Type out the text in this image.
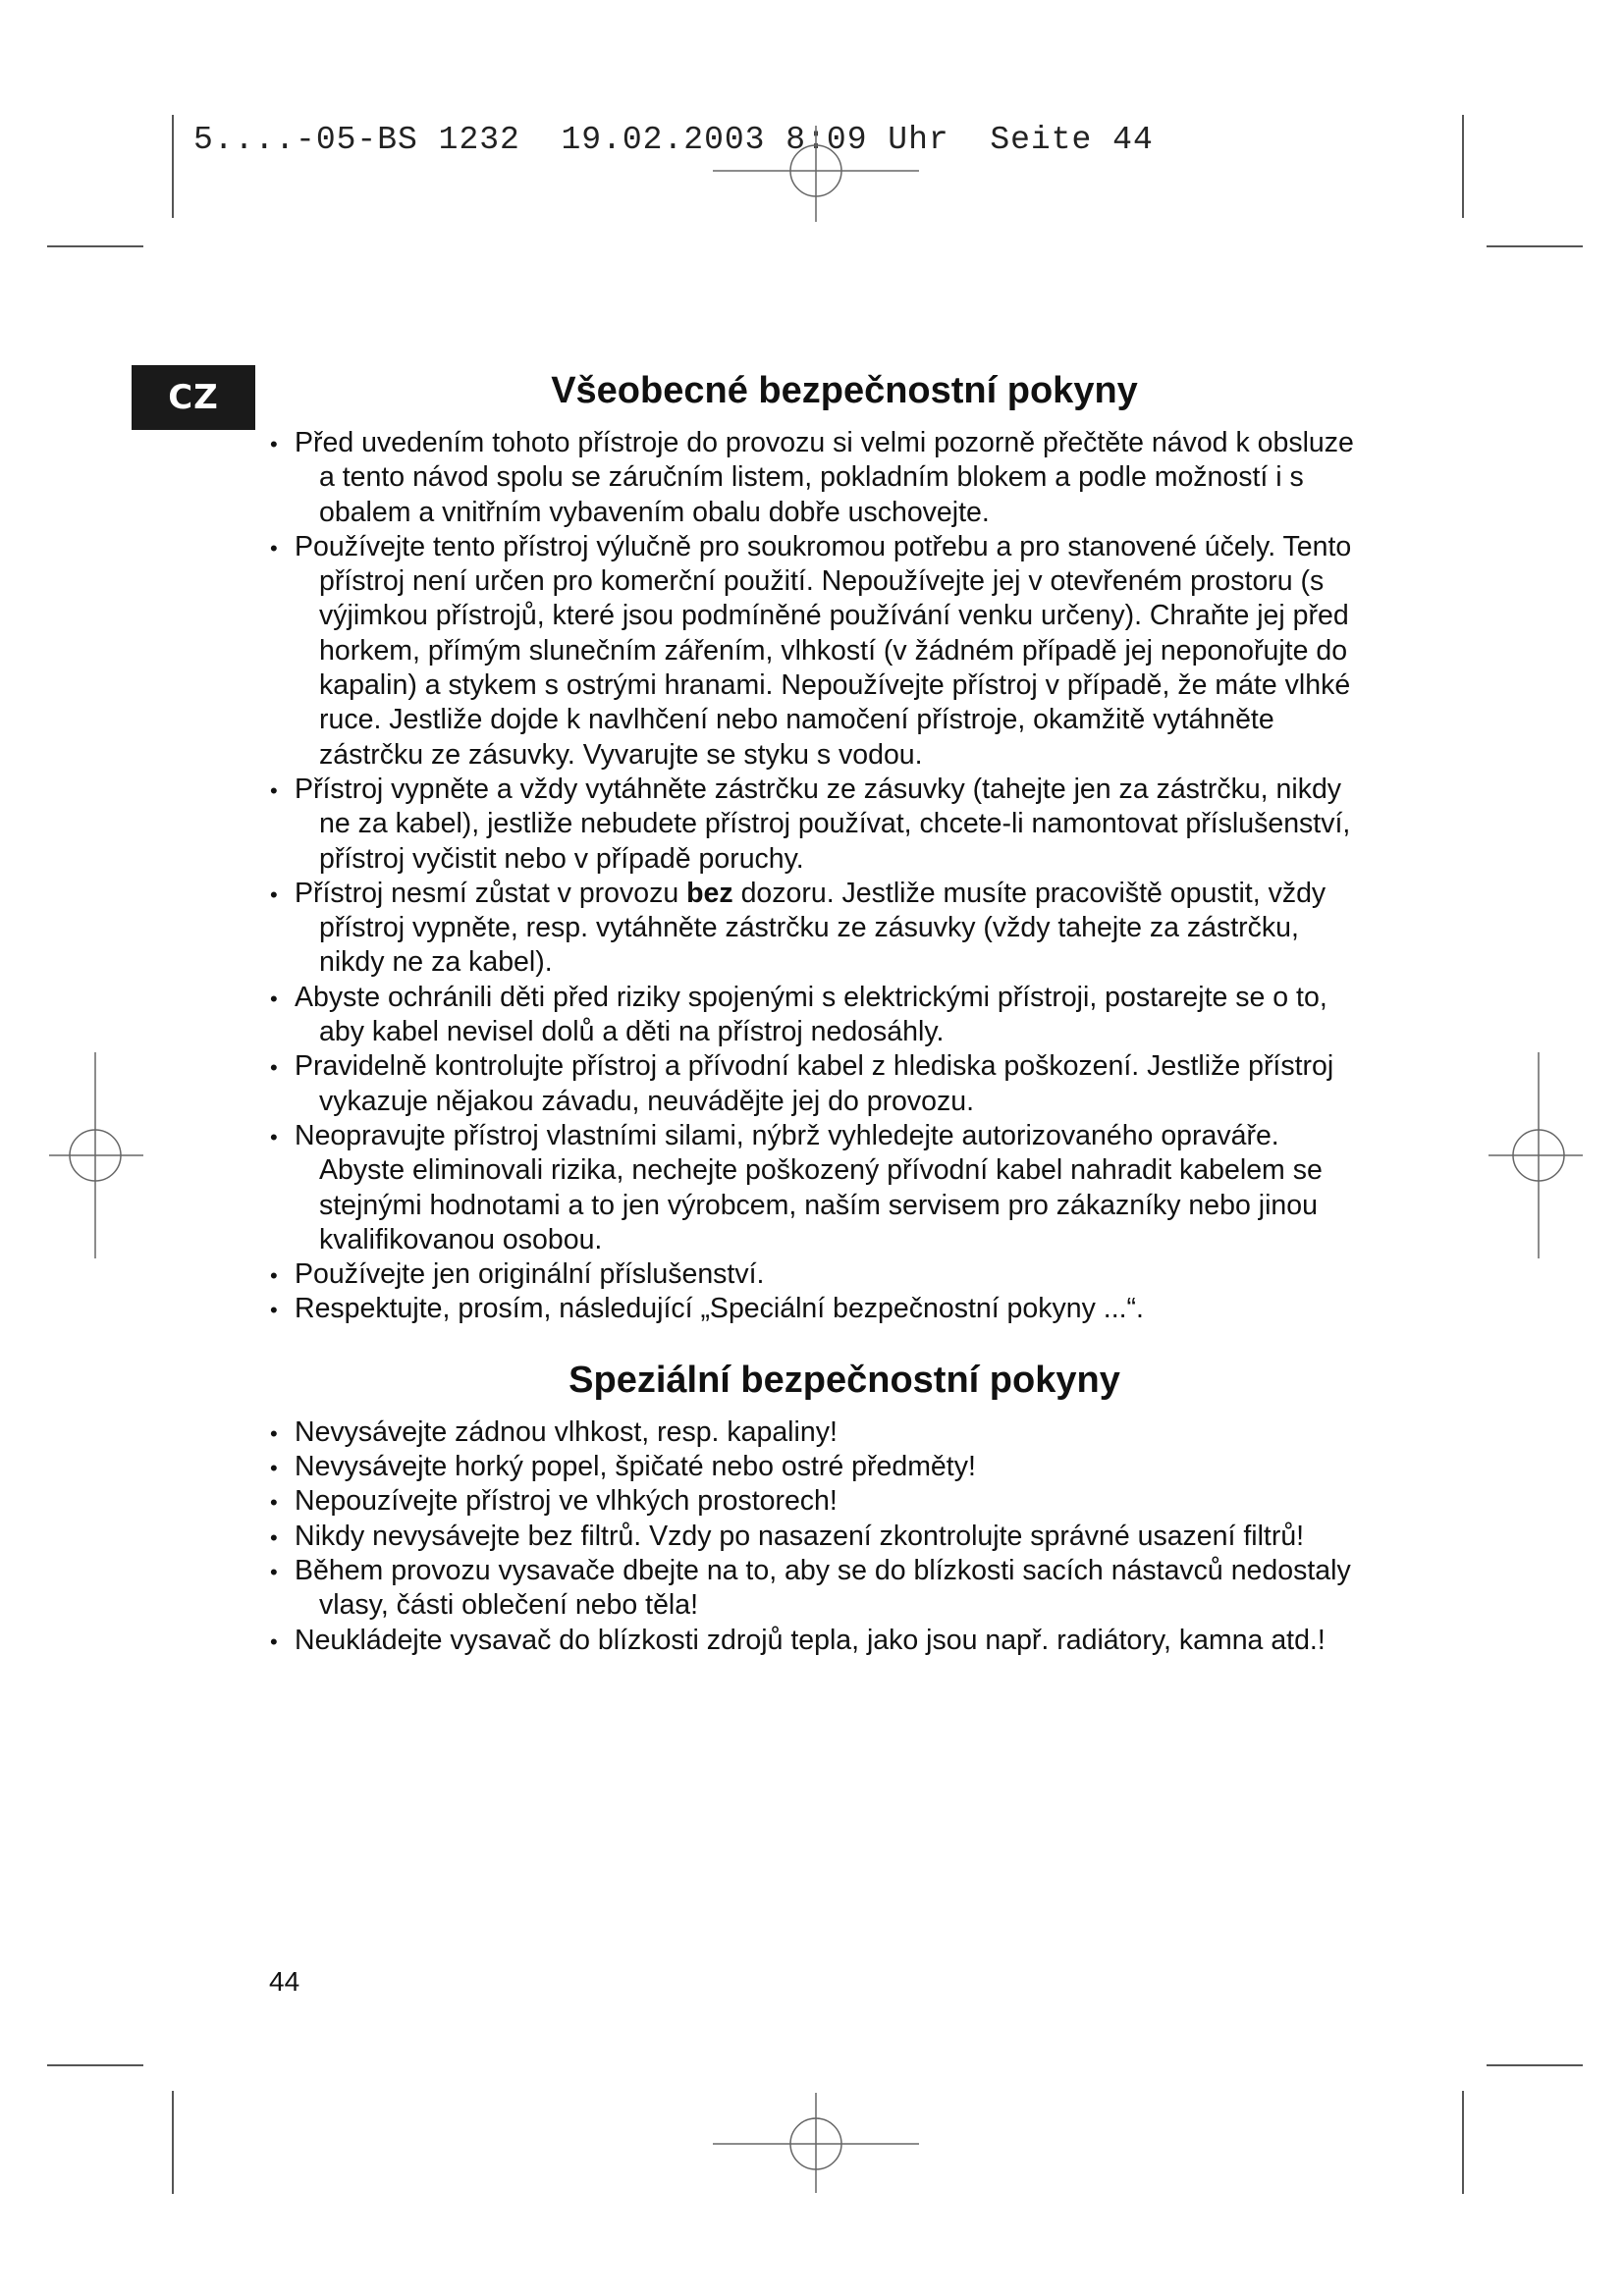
5....-05-BS 1232  19.02.2003 8:09 Uhr  Seite 44
CZ	Všeobecné bezpečnostní pokyny
• Před uvedením tohoto přístroje do provozu si velmi pozorně přečtěte návod k obsluze a tento návod spolu se záručním listem, pokladním blokem a podle možností i s obalem a vnitřním vybavením obalu dobře uschovejte.
• Používejte tento přístroj výlučně pro soukromou potřebu a pro stanovené účely. Tento přístroj není určen pro komerční použití. Nepoužívejte jej v otevřeném prostoru (s výjimkou přístrojů, které jsou podmíněné používání venku určeny). Chraňte jej před horkem, přímým slunečním zářením, vlhkostí (v žádném případě jej neponořujte do kapalin) a stykem s ostrými hranami. Nepoužívejte přístroj v případě, že máte vlhké ruce. Jestliže dojde k navlhčení nebo namočení přístroje, okamžitě vytáhněte zástrčku ze zásuvky. Vyvarujte se styku s vodou.
• Přístroj vypněte a vždy vytáhněte zástrčku ze zásuvky (tahejte jen za zástrčku, nikdy ne za kabel), jestliže nebudete přístroj používat, chcete-li namontovat příslušenství, přístroj vyčistit nebo v případě poruchy.
• Přístroj nesmí zůstat v provozu bez dozoru. Jestliže musíte pracoviště opustit, vždy přístroj vypněte, resp. vytáhněte zástrčku ze zásuvky (vždy tahejte za zástrčku, nikdy ne za kabel).
• Abyste ochránili děti před riziky spojenými s elektrickými přístroji, postarejte se o to, aby kabel nevisel dolů a děti na přístroj nedosáhly.
• Pravidelně kontrolujte přístroj a přívodní kabel z hlediska poškození. Jestliže přístroj vykazuje nějakou závadu, neuvádějte jej do provozu.
• Neopravujte přístroj vlastními silami, nýbrž vyhledejte autorizovaného opraváře. Abyste eliminovali rizika, nechejte poškozený přívodní kabel nahradit kabelem se stejnými hodnotami a to jen výrobcem, naším servisem pro zákazníky nebo jinou kvalifikovanou osobou.
• Používejte jen originální příslušenství.
• Respektujte, prosím, následující „Speciální bezpečnostní pokyny ...“.
Speziální bezpečnostní pokyny
• Nevysávejte zádnou vlhkost, resp. kapaliny!
• Nevysávejte horký popel, špičaté nebo ostré předměty!
• Nepouzívejte přístroj ve vlhkých prostorech!
• Nikdy nevysávejte bez filtrů. Vzdy po nasazení zkontrolujte správné usazení filtrů!
• Během provozu vysavače dbejte na to, aby se do blízkosti sacích nástavců nedostaly vlasy, části oblečení nebo těla!
• Neukládejte vysavač do blízkosti zdrojů tepla, jako jsou např. radiátory, kamna atd.!
44
